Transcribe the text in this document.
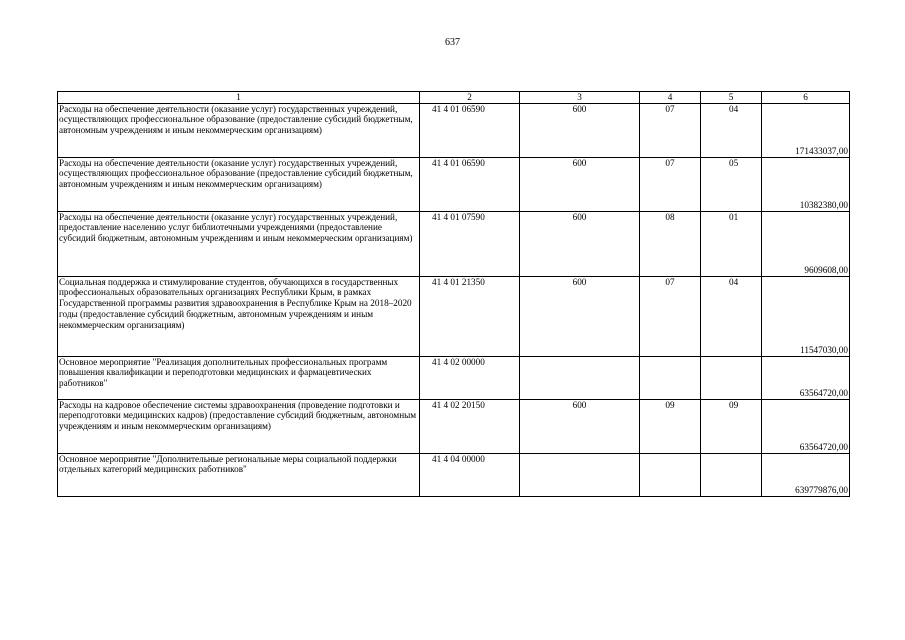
637
1	2	3	4	5	6
Расходы на обеспечение деятельности (оказание услуг) государственных учреждений, осуществляющих профессиональное образование (предоставление субсидий бюджетным, автономным учреждениям и иным некоммерческим организациям)	41 4 01 06590	600	07	04	171433037,00
Расходы на обеспечение деятельности (оказание услуг) государственных учреждений, осуществляющих профессиональное образование (предоставление субсидий бюджетным, автономным учреждениям и иным некоммерческим организациям)	41 4 01 06590	600	07	05	10382380,00
Расходы на обеспечение деятельности (оказание услуг) государственных учреждений, предоставление населению услуг библиотечными учреждениями (предоставление субсидий бюджетным, автономным учреждениям и иным некоммерческим организациям)	41 4 01 07590	600	08	01	9609608,00
Социальная поддержка и стимулирование студентов, обучающихся в государственных профессиональных образовательных организациях Республики Крым, в рамках Государственной программы развития здравоохранения в Республике Крым на 2018–2020 годы (предоставление субсидий бюджетным, автономным учреждениям и иным некоммерческим организациям)	41 4 01 21350	600	07	04	11547030,00
Основное мероприятие "Реализация дополнительных профессиональных программ повышения квалификации и переподготовки медицинских и фармацевтических работников"	41 4 02 00000				63564720,00
Расходы на кадровое обеспечение системы здравоохранения (проведение подготовки и переподготовки медицинских кадров) (предоставление субсидий бюджетным, автономным учреждениям и иным некоммерческим организациям)	41 4 02 20150	600	09	09	63564720,00
Основное мероприятие "Дополнительные региональные меры социальной поддержки отдельных категорий медицинских работников"	41 4 04 00000				639779876,00
